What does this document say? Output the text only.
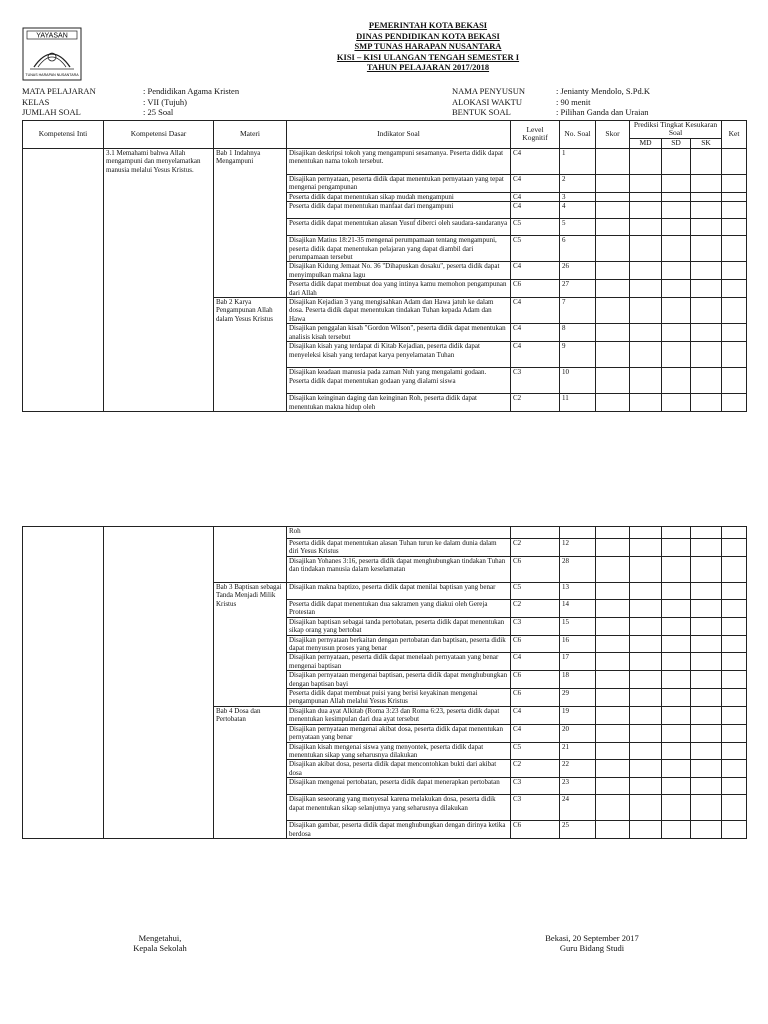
YAYASAN
TUNAS HARAPAN NUSANTARA
PEMERINTAH KOTA BEKASI
DINAS PENDIDIKAN KOTA BEKASI
SMP TUNAS HARAPAN NUSANTARA
KISI – KISI ULANGAN TENGAH SEMESTER I
TAHUN PELAJARAN 2017/2018
MATA PELAJARAN	: Pendidikan Agama Kristen
KELAS	: VII (Tujuh)
JUMLAH SOAL	: 25 Soal
NAMA PENYUSUN	: Jenianty Mendolo, S.Pd.K
ALOKASI WAKTU	: 90 menit
BENTUK SOAL	: Pilihan Ganda dan Uraian
Kompetensi Inti	Kompetensi Dasar	Materi	Indikator Soal	Level Kognitif	No. Soal	Skor	Prediksi Tingkat Kesukaran Soal			Ket
							MD	SD	SK	
	3.1 Memahami bahwa Allah mengampuni dan menyelamatkan manusia melalui Yesus Kristus.	Bab 1 Indahnya Mengampuni	Disajikan deskripsi tokoh yang mengampuni sesamanya. Peserta didik dapat menentukan nama tokoh tersebut.	C4	1					
			Disajikan pernyataan, peserta didik dapat menentukan pernyataan yang tepat mengenai pengampunan	C4	2					
			Peserta didik dapat menentukan sikap mudah mengampuni	C4	3					
			Peserta didik dapat menentukan manfaat dari mengampuni	C4	4					
			Peserta didik dapat menentukan alasan Yusuf diberci oleh saudara-saudaranya	C5	5					
			Disajikan Matius 18:21-35 mengenai perumpamaan tentang mengampuni, peserta didik dapat menentukan pelajaran yang dapat diambil dari perumpamaan tersebut	C5	6					
			Disajikan Kidung Jemaat No. 36 "Dihapuskan dosaku", peserta didik dapat menyimpulkan makna lagu	C4	26					
			Peserta didik dapat membuat doa yang intinya kamu memohon pengampunan dari Allah	C6	27					
		Bab 2 Karya Pengampunan Allah dalam Yesus Kristus	Disajikan Kejadian 3 yang mengisahkan Adam dan Hawa jatuh ke dalam dosa. Peserta didik dapat menentukan tindakan Tuhan kepada Adam dan Hawa	C4	7					
			Disajikan penggalan kisah "Gordon Wilson", peserta didik dapat menentukan analisis kisah tersebut	C4	8					
			Disajikan kisah yang terdapat di Kitab Kejadian, peserta didik dapat menyeleksi kisah yang terdapat karya penyelamatan Tuhan	C4	9					
			Disajikan keadaan manusia pada zaman Nuh yang mengalami godaan. Peserta didik dapat menentukan godaan yang dialami siswa	C3	10					
			Disajikan keinginan daging dan keinginan Roh, peserta didik dapat menentukan makna hidup oleh	C2	11					
			Roh							
			Peserta didik dapat menentukan alasan Tuhan turun ke dalam dunia dalam diri Yesus Kristus	C2	12					
			Disajikan Yohanes 3:16, peserta didik dapat menghubungkan tindakan Tuhan dan tindakan manusia dalam keselamatan	C6	28					
		Bab 3 Baptisan sebagai Tanda Menjadi Milik Kristus	Disajikan makna baptizo, peserta didik dapat menilai baptisan yang benar	C5	13					
			Peserta didik dapat menentukan dua sakramen yang diakui oleh Gereja Protestan	C2	14					
			Disajikan baptisan sebagai tanda pertobatan, peserta didik dapat menentukan sikap orang yang bertobat	C3	15					
			Disajikan pernyataan berkaitan dengan pertobatan dan baptisan, peserta didik dapat menyusun proses yang benar	C6	16					
			Disajikan pernyataan, peserta didik dapat menelaah pernyataan yang benar mengenai baptisan	C4	17					
			Disajikan pernyataan mengenai baptisan, peserta didik dapat menghubungkan dengan baptisan bayi	C6	18					
			Peserta didik dapat membuat puisi yang berisi keyakinan mengenai pengampunan Allah melalui Yesus Kristus	C6	29					
		Bab 4 Dosa dan Pertobatan	Disajikan dua ayat Alkitab (Roma 3:23 dan Roma 6:23, peserta didik dapat menentukan kesimpulan dari dua ayat tersebut	C4	19					
			Disajikan pernyataan mengenai akibat dosa, peserta didik dapat menentukan pernyataan yang benar	C4	20					
			Disajikan kisah mengenai siswa yang menyontek, peserta didik dapat menentukan sikap yang seharusnya dilakukan	C5	21					
			Disajikan akibat dosa, peserta didik dapat mencontohkan bukti dari akibat dosa	C2	22					
			Disajikan mengenai pertobatan, peserta didik dapat menerapkan pertobatan	C3	23					
			Disajikan seseorang yang menyesal karena melakukan dosa, peserta didik dapat menentukan sikap selanjutnya yang seharusnya dilakukan	C3	24					
			Disajikan gambar, peserta didik dapat menghubungkan dengan dirinya ketika berdosa	C6	25					
Mengetahui,
Kepala Sekolah
Bekasi, 20 September 2017
Guru Bidang Studi
